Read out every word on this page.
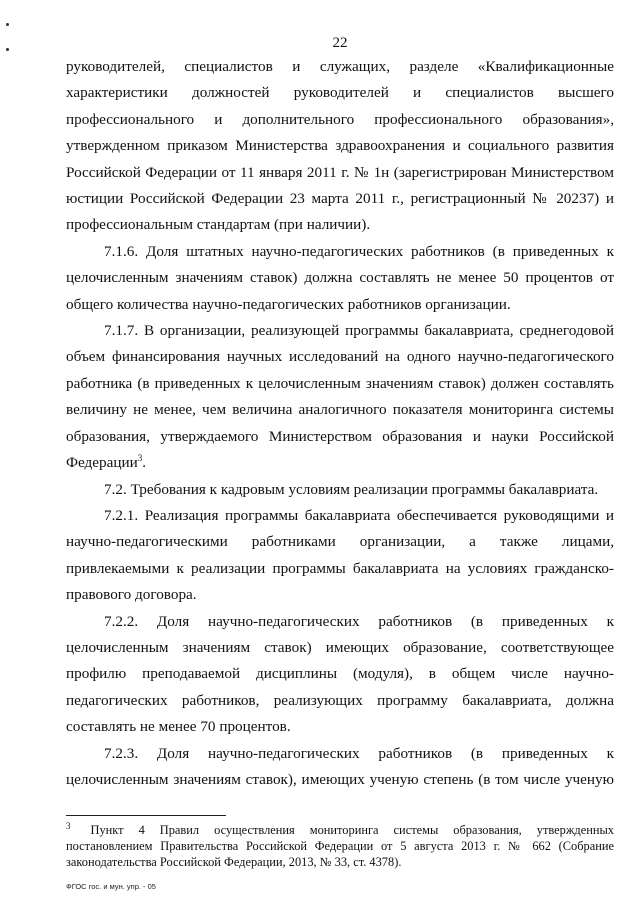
22

руководителей, специалистов и служащих, разделе «Квалификационные характеристики должностей руководителей и специалистов высшего профессионального и дополнительного профессионального образования», утвержденном приказом Министерства здравоохранения и социального развития Российской Федерации от 11 января 2011 г. № 1н (зарегистрирован Министерством юстиции Российской Федерации 23 марта 2011 г., регистрационный № 20237) и профессиональным стандартам (при наличии).

7.1.6. Доля штатных научно-педагогических работников (в приведенных к целочисленным значениям ставок) должна составлять не менее 50 процентов от общего количества научно-педагогических работников организации.

7.1.7. В организации, реализующей программы бакалавриата, среднегодовой объем финансирования научных исследований на одного научно-педагогического работника (в приведенных к целочисленным значениям ставок) должен составлять величину не менее, чем величина аналогичного показателя мониторинга системы образования, утверждаемого Министерством образования и науки Российской Федерации$^3$.

7.2. Требования к кадровым условиям реализации программы бакалавриата.

7.2.1. Реализация программы бакалавриата обеспечивается руководящими и научно-педагогическими работниками организации, а также лицами, привлекаемыми к реализации программы бакалавриата на условиях гражданско-правового договора.

7.2.2. Доля научно-педагогических работников (в приведенных к целочисленным значениям ставок) имеющих образование, соответствующее профилю преподаваемой дисциплины (модуля), в общем числе научно-педагогических работников, реализующих программу бакалавриата, должна составлять не менее 70 процентов.

7.2.3. Доля научно-педагогических работников (в приведенных к целочисленным значениям ставок), имеющих ученую степень (в том числе ученую

$^3$ Пункт 4 Правил осуществления мониторинга системы образования, утвержденных постановлением Правительства Российской Федерации от 5 августа 2013 г. № 662 (Собрание законодательства Российской Федерации, 2013, № 33, ст. 4378).
ФГОС гос. и мун. упр. - 05
